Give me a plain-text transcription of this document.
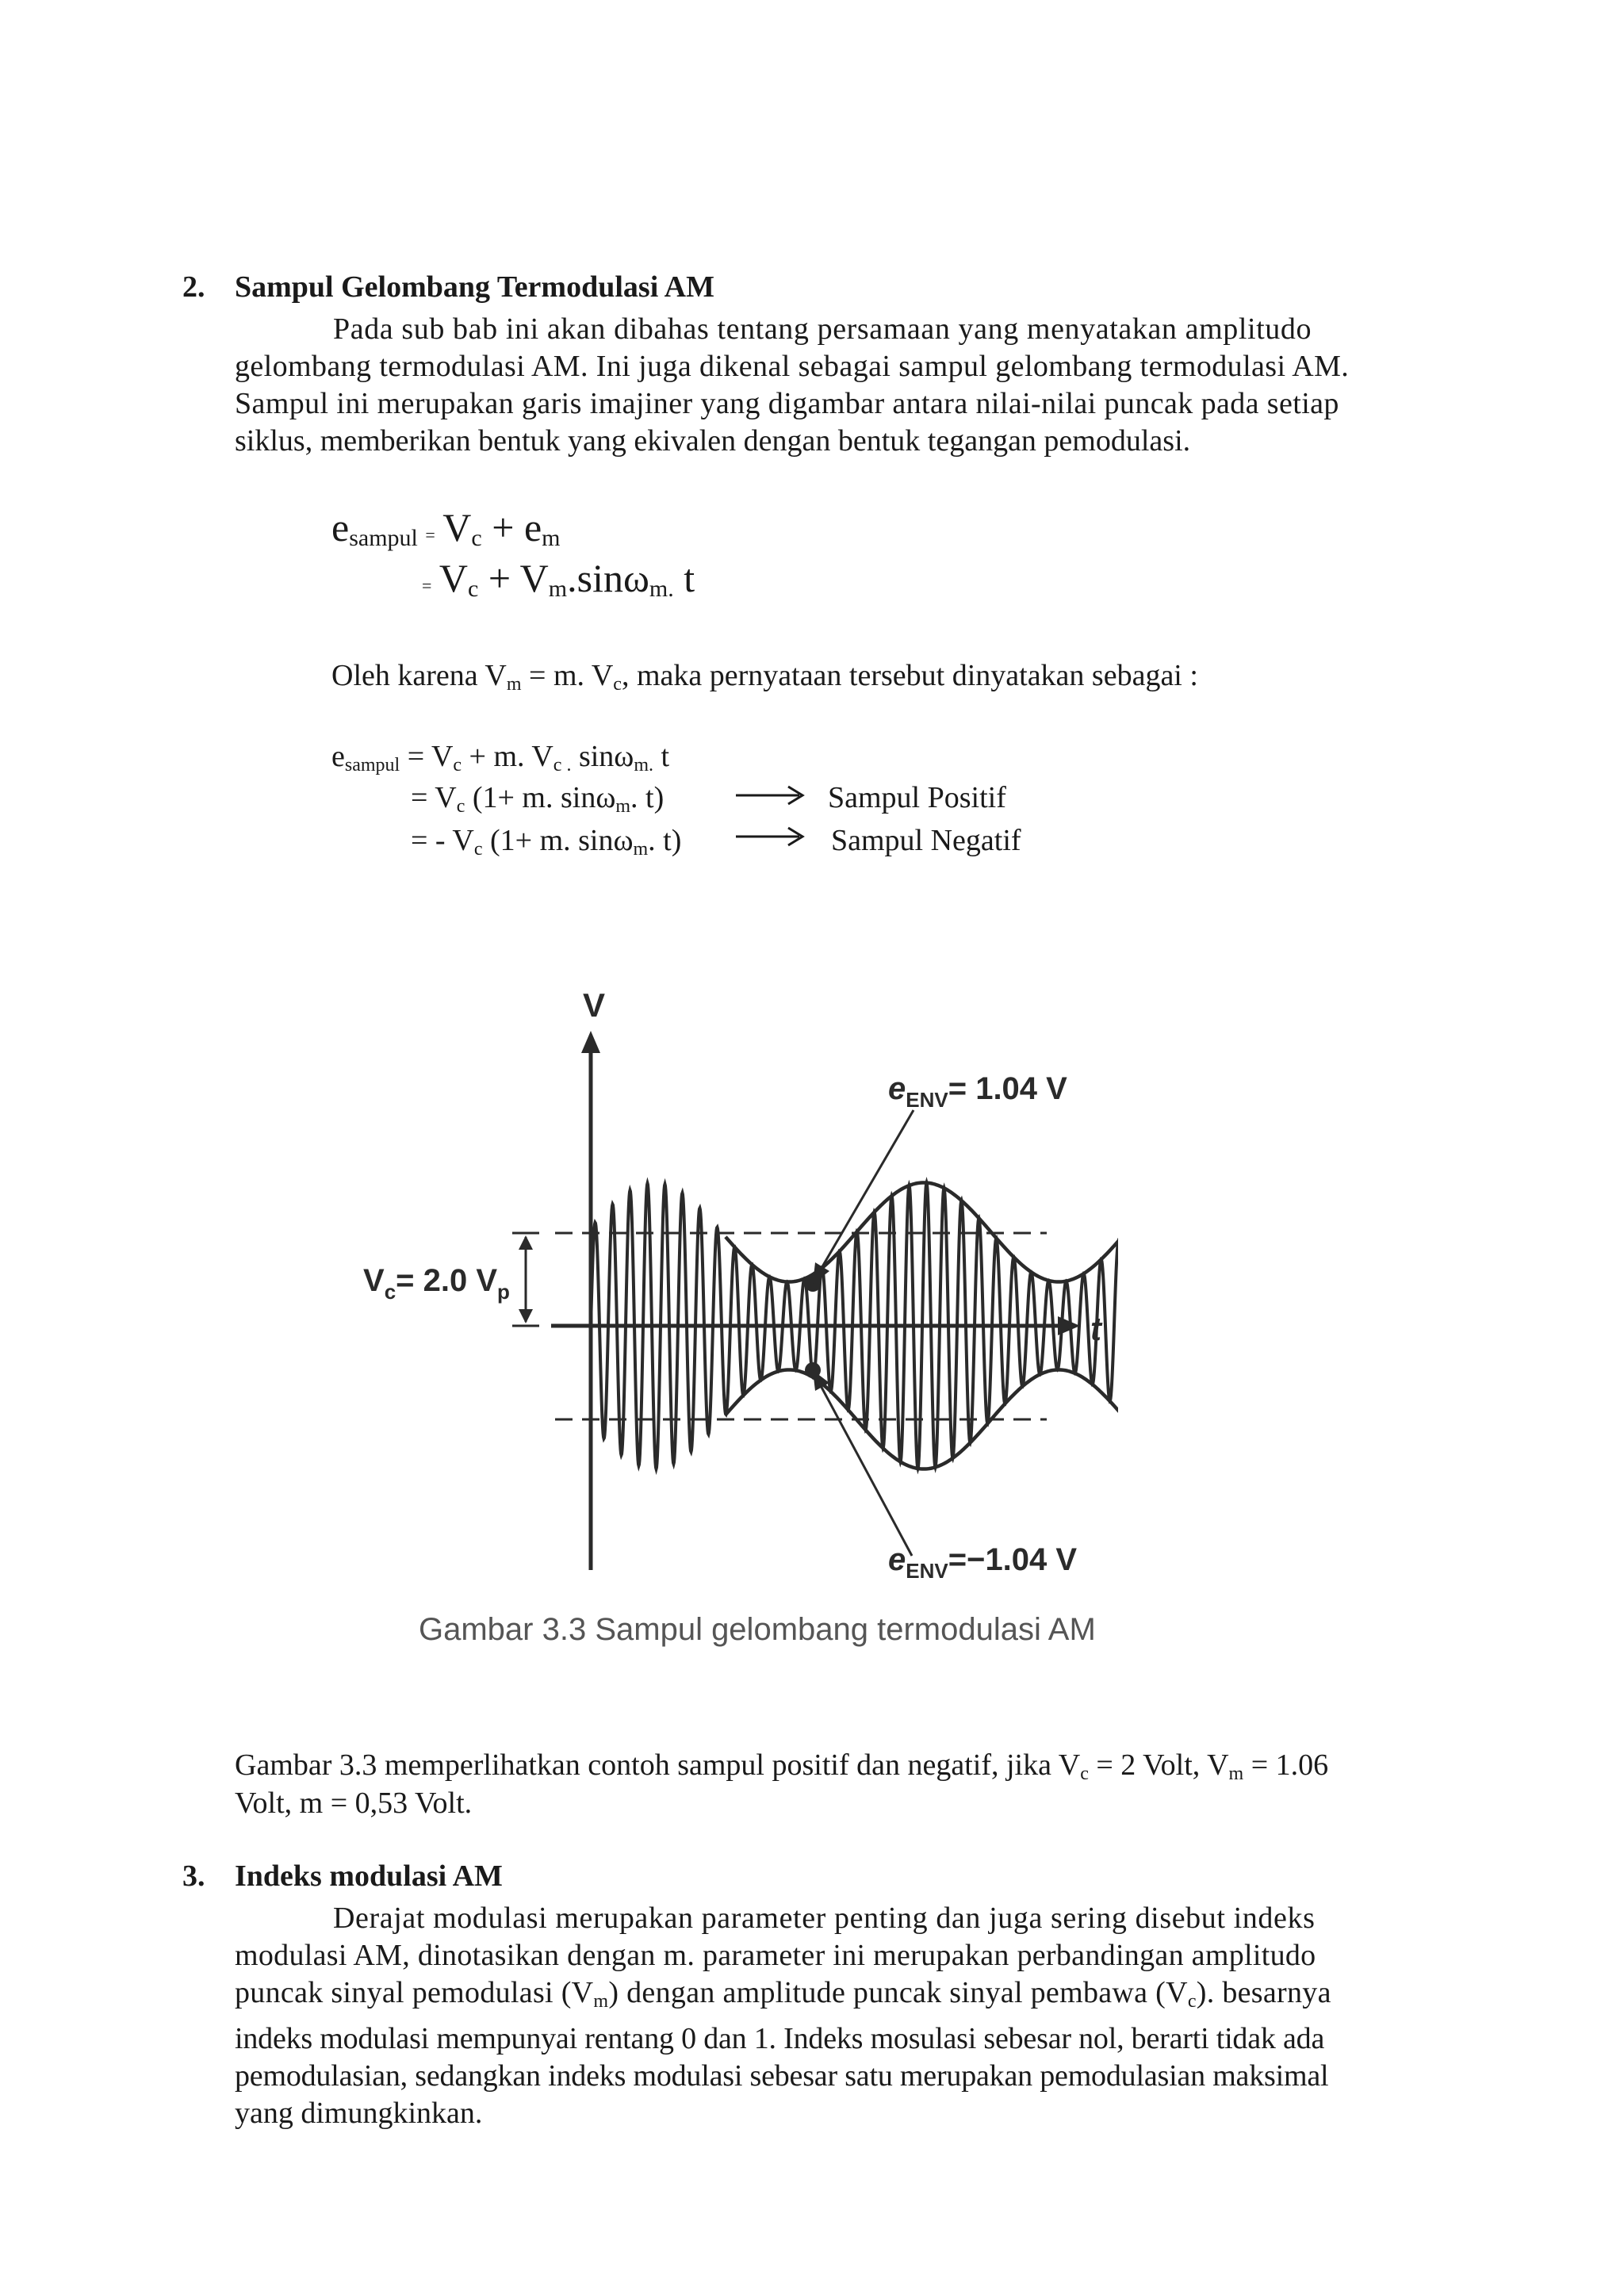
2. Sampul Gelombang Termodulasi AM
Pada sub bab ini akan dibahas tentang persamaan yang menyatakan amplitudo
gelombang termodulasi AM. Ini juga dikenal sebagai sampul gelombang termodulasi AM.
Sampul ini merupakan garis imajiner yang digambar antara nilai-nilai puncak pada setiap
siklus, memberikan bentuk yang ekivalen dengan bentuk tegangan pemodulasi.
$e_{sampul} = V_c + e_m$
= $V_c + V_m.\sin\omega_{m.}$ t
Oleh karena $V_m = m$. $V_c$, maka pernyataan tersebut dinyatakan sebagai :
$e_{sampul} = V_c + m$. $V_{c .}$ sinω$_{m.}$ t
= $V_c$ (1+ m. sinω$_m$. t)	Sampul Positif
= - $V_c$ (1+ m. sinω$_m$. t)	Sampul Negatif
V
t
$V_c= 2.0$ $V_p$
$e_{ENV}= 1.04$ V
$e_{ENV}=-1.04$ V
Gambar 3.3 Sampul gelombang termodulasi AM
Gambar 3.3 memperlihatkan contoh sampul positif dan negatif, jika $V_c = 2$ Volt, $V_m = 1.06$
Volt, m = 0,53 Volt.
3. Indeks modulasi AM
Derajat modulasi merupakan parameter penting dan juga sering disebut indeks
modulasi AM, dinotasikan dengan m. parameter ini merupakan perbandingan amplitudo
puncak sinyal pemodulasi $(V_m)$ dengan amplitude puncak sinyal pembawa $(V_c)$. besarnya
indeks modulasi mempunyai rentang 0 dan 1. Indeks mosulasi sebesar nol, berarti tidak ada
pemodulasian, sedangkan indeks modulasi sebesar satu merupakan pemodulasian maksimal
yang dimungkinkan.
